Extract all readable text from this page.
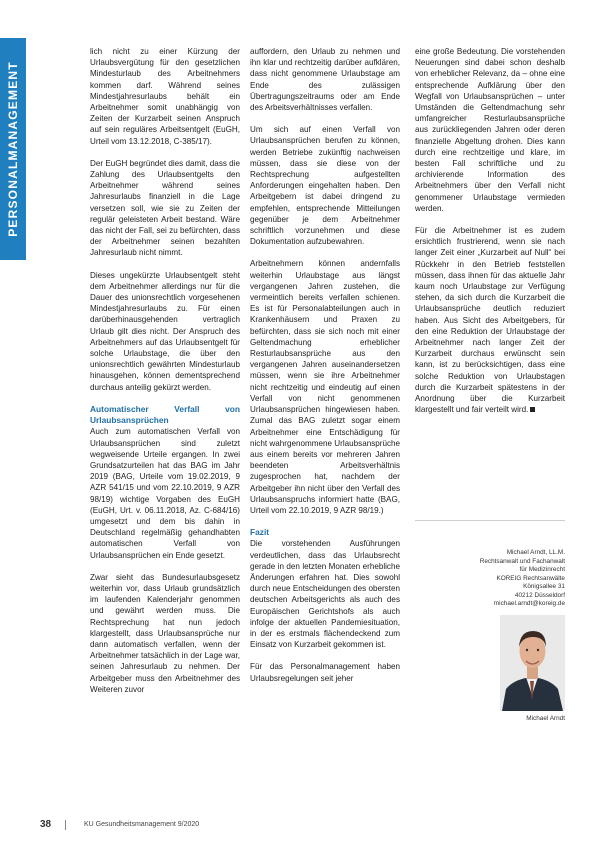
PERSONALMANAGEMENT

lich nicht zu einer Kürzung der Urlaubsvergütung für den gesetzlichen Mindesturlaub des Arbeitnehmers kommen darf. Während seines Mindestjahresurlaubs behält ein Arbeitnehmer somit unabhängig von Zeiten der Kurzarbeit seinen Anspruch auf sein reguläres Arbeitsentgelt (EuGH, Urteil vom 13.12.2018, C‑385/17).

Der EuGH begründet dies damit, dass die Zahlung des Urlaubsentgelts den Arbeitnehmer während seines Jahresurlaubs finanziell in die Lage versetzen soll, wie sie zu Zeiten der regulär geleisteten Arbeit bestand. Wäre das nicht der Fall, sei zu befürchten, dass der Arbeitnehmer seinen bezahlten Jahresurlaub nicht nimmt.

Dieses ungekürzte Urlaubsentgelt steht dem Arbeitnehmer allerdings nur für die Dauer des unionsrechtlich vorgesehenen Mindestjahresurlaubs zu. Für einen darüberhinausgehenden vertraglich Urlaub gilt dies nicht. Der Anspruch des Arbeitnehmers auf das Urlaubsentgelt für solche Urlaubstage, die über den unionsrechtlich gewährten Mindesturlaub hinausgehen, können dementsprechend durchaus anteilig gekürzt werden.

Automatischer Verfall von Urlaubsansprüchen

Auch zum automatischen Verfall von Urlaubsansprüchen sind zuletzt wegweisende Urteile ergangen. In zwei Grundsatzurteilen hat das BAG im Jahr 2019 (BAG, Urteile vom 19.02.2019, 9 AZR 541/15 und vom 22.10.2019, 9 AZR 98/19) wichtige Vorgaben des EuGH (EuGH, Urt. v. 06.11.2018, Az. C‑684/16) umgesetzt und dem bis dahin in Deutschland regelmäßig gehandhabten automatischen Verfall von Urlaubsansprüchen ein Ende gesetzt.

Zwar sieht das Bundesurlaubsgesetz weiterhin vor, dass Urlaub grundsätzlich im laufenden Kalenderjahr genommen und gewährt werden muss. Die Rechtsprechung hat nun jedoch klargestellt, dass Urlaubsansprüche nur dann automatisch verfallen, wenn der Arbeitnehmer tatsächlich in der Lage war, seinen Jahresurlaub zu nehmen. Der Arbeitgeber muss den Arbeitnehmer des Weiteren zuvor

auffordern, den Urlaub zu nehmen und ihn klar und rechtzeitig darüber aufklären, dass nicht genommene Urlaubstage am Ende des zulässigen Übertragungszeitraums oder am Ende des Arbeitsverhältnisses verfallen.

Um sich auf einen Verfall von Urlaubsansprüchen berufen zu können, werden Betriebe zukünftig nachweisen müssen, dass sie diese von der Rechtsprechung aufgestellten Anforderungen eingehalten haben. Den Arbeitgebern ist dabei dringend zu empfehlen, entsprechende Mitteilungen gegenüber je dem Arbeitnehmer schriftlich vorzunehmen und diese Dokumentation aufzubewahren.

Arbeitnehmern können andernfalls weiterhin Urlaubstage aus längst vergangenen Jahren zustehen, die vermeintlich bereits verfallen schienen. Es ist für Personalabteilungen auch in Krankenhäusern und Praxen zu befürchten, dass sie sich noch mit einer Geltendmachung erheblicher Resturlaubsansprüche aus den vergangenen Jahren auseinandersetzen müssen, wenn sie ihre Arbeitnehmer nicht rechtzeitig und eindeutig auf einen Verfall von nicht genommenen Urlaubsansprüchen hingewiesen haben. Zumal das BAG zuletzt sogar einem Arbeitnehmer eine Entschädigung für nicht wahrgenommene Urlaubsansprüche aus einem bereits vor mehreren Jahren beendeten Arbeitsverhältnis zugesprochen hat, nachdem der Arbeitgeber ihn nicht über den Verfall des Urlaubsanspruchs informiert hatte (BAG, Urteil vom 22.10.2019, 9 AZR 98/19.)

Fazit

Die vorstehenden Ausführungen verdeutlichen, dass das Urlaubsrecht gerade in den letzten Monaten erhebliche Änderungen erfahren hat. Dies sowohl durch neue Entscheidungen des obersten deutschen Arbeitsgerichts als auch des Europäischen Gerichtshofs als auch infolge der aktuellen Pandemiesituation, in der es erstmals flächendeckend zum Einsatz von Kurzarbeit gekommen ist.

Für das Personalmanagement haben Urlaubsregelungen seit jeher

eine große Bedeutung. Die vorstehenden Neuerungen sind dabei schon deshalb von erheblicher Relevanz, da – ohne eine entsprechende Aufklärung über den Wegfall von Urlaubsansprüchen – unter Umständen die Geltendmachung sehr umfangreicher Resturlaubsansprüche aus zurückliegenden Jahren oder deren finanzielle Abgeltung drohen. Dies kann durch eine rechtzeitige und klare, im besten Fall schriftliche und zu archivierende Information des Arbeitnehmers über den Verfall nicht genommener Urlaubstage vermieden werden.

Für die Arbeitnehmer ist es zudem ersichtlich frustrierend, wenn sie nach langer Zeit einer „Kurzarbeit auf Null“ bei Rückkehr in den Betrieb feststellen müssen, dass ihnen für das aktuelle Jahr kaum noch Urlaubstage zur Verfügung stehen, da sich durch die Kurzarbeit die Urlaubsansprüche deutlich reduziert haben. Aus Sicht des Arbeitgebers, für den eine Reduktion der Urlaubstage der Arbeitnehmer nach langer Zeit der Kurzarbeit durchaus erwünscht sein kann, ist zu berücksichtigen, dass eine solche Reduktion von Urlaubstagen durch die Kurzarbeit spätestens in der Anordnung über die Kurzarbeit klargestellt und fair verteilt wird.

Michael Arndt, LL.M.
Rechtsanwalt und Fachanwalt
für Medizinrecht
KOREIG Rechtsanwälte
Königsallee 31
40212 Düsseldorf
michael.arndt@koreig.de
Michael Arndt
38	KU Gesundheitsmanagement 9/2020
